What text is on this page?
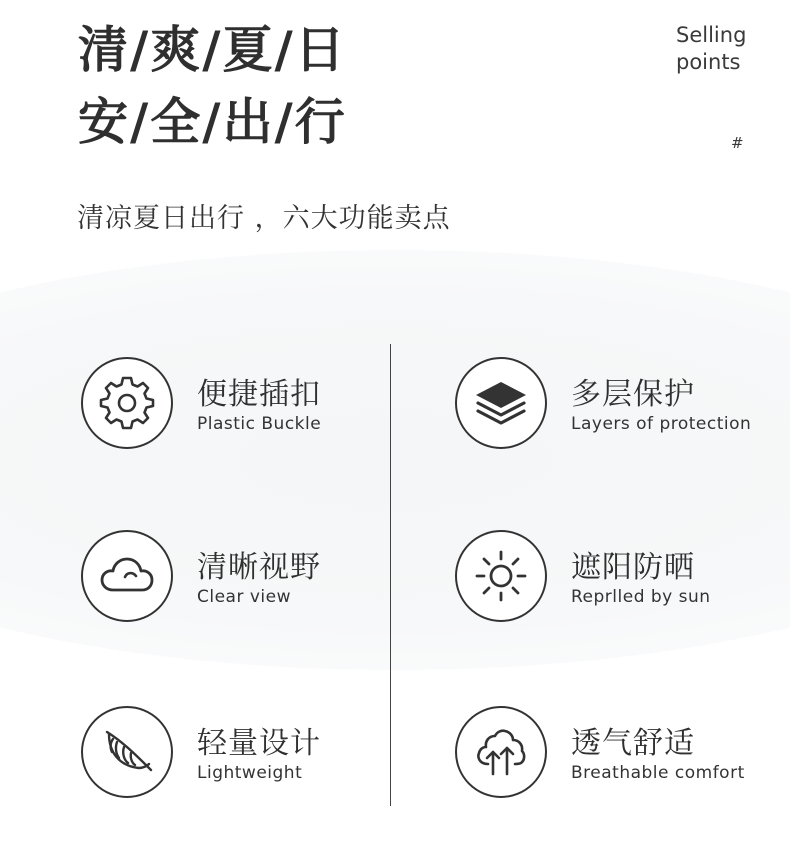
清/爽/夏/日
安/全/出/行
Selling
points
#
清凉夏日出行 ，六大功能卖点
便捷插扣
Plastic Buckle
多层保护
Layers of protection
清晰视野
Clear view
遮阳防晒
Reprlled by sun
轻量设计
Lightweight
透气舒适
Breathable comfort
